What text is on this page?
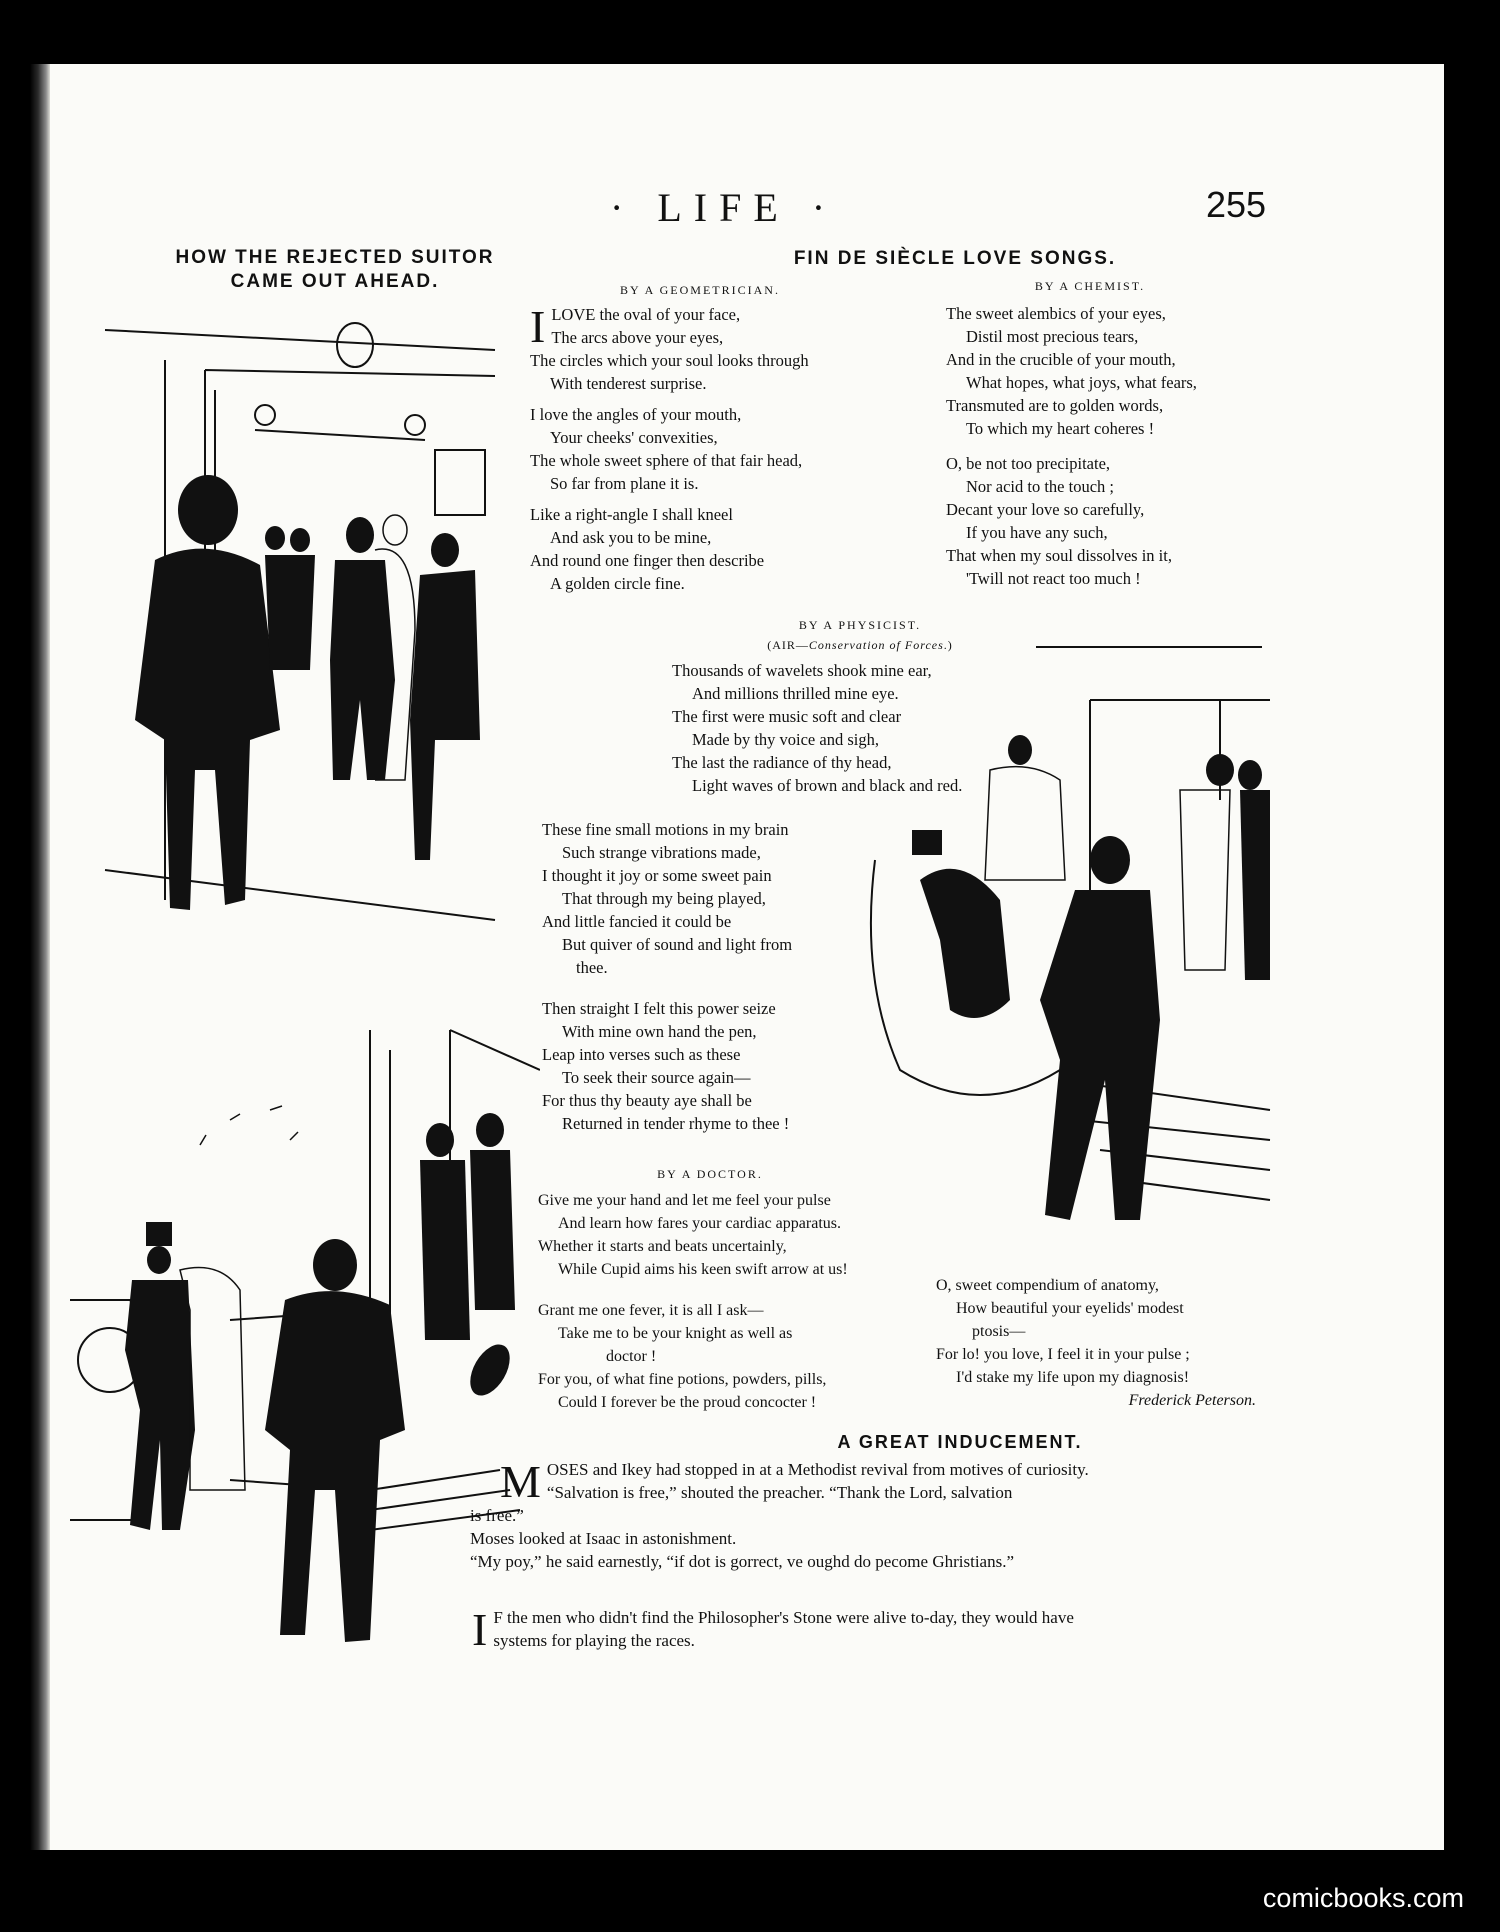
· LIFE ·	255
HOW THE REJECTED SUITOR
CAME OUT AHEAD.
FIN DE SIÈCLE LOVE SONGS.
BY A GEOMETRICIAN.

I LOVE the oval of your face,
The arcs above your eyes,
The circles which your soul looks through
With tenderest surprise.

I love the angles of your mouth,
Your cheeks' convexities,
The whole sweet sphere of that fair head,
So far from plane it is.

Like a right-angle I shall kneel
And ask you to be mine,
And round one finger then describe
A golden circle fine.

BY A CHEMIST.

The sweet alembics of your eyes,
Distil most precious tears,
And in the crucible of your mouth,
What hopes, what joys, what fears,
Transmuted are to golden words,
To which my heart coheres !

O, be not too precipitate,
Nor acid to the touch ;
Decant your love so carefully,
If you have any such,
That when my soul dissolves in it,
'Twill not react too much !

BY A PHYSICIST.
(AIR—Conservation of Forces.)
Thousands of wavelets shook mine ear,
And millions thrilled mine eye.
The first were music soft and clear
Made by thy voice and sigh,
The last the radiance of thy head,
Light waves of brown and black and red.
These fine small motions in my brain
Such strange vibrations made,
I thought it joy or some sweet pain
That through my being played,
And little fancied it could be
But quiver of sound and light from
thee.
Then straight I felt this power seize
With mine own hand the pen,
Leap into verses such as these
To seek their source again—
For thus thy beauty aye shall be
Returned in tender rhyme to thee !
BY A DOCTOR.
Give me your hand and let me feel your pulse
And learn how fares your cardiac apparatus.
Whether it starts and beats uncertainly,
While Cupid aims his keen swift arrow at us!
Grant me one fever, it is all I ask—
Take me to be your knight as well as
doctor !
For you, of what fine potions, powders, pills,
Could I forever be the proud concocter !
O, sweet compendium of anatomy,
How beautiful your eyelids' modest
ptosis—
For lo! you love, I feel it in your pulse ;
I'd stake my life upon my diagnosis!
Frederick Peterson.
A GREAT INDUCEMENT.
M OSES and Ikey had stopped in at a Methodist revival from motives of curiosity.
“Salvation is free,” shouted the preacher. “Thank the Lord, salvation
is free.”
Moses looked at Isaac in astonishment.
“My poy,” he said earnestly, “if dot is gorrect, ve oughd do pecome Ghristians.”
I F the men who didn't find the Philosopher's Stone were alive to-day, they would have
systems for playing the races.
comicbooks.com
